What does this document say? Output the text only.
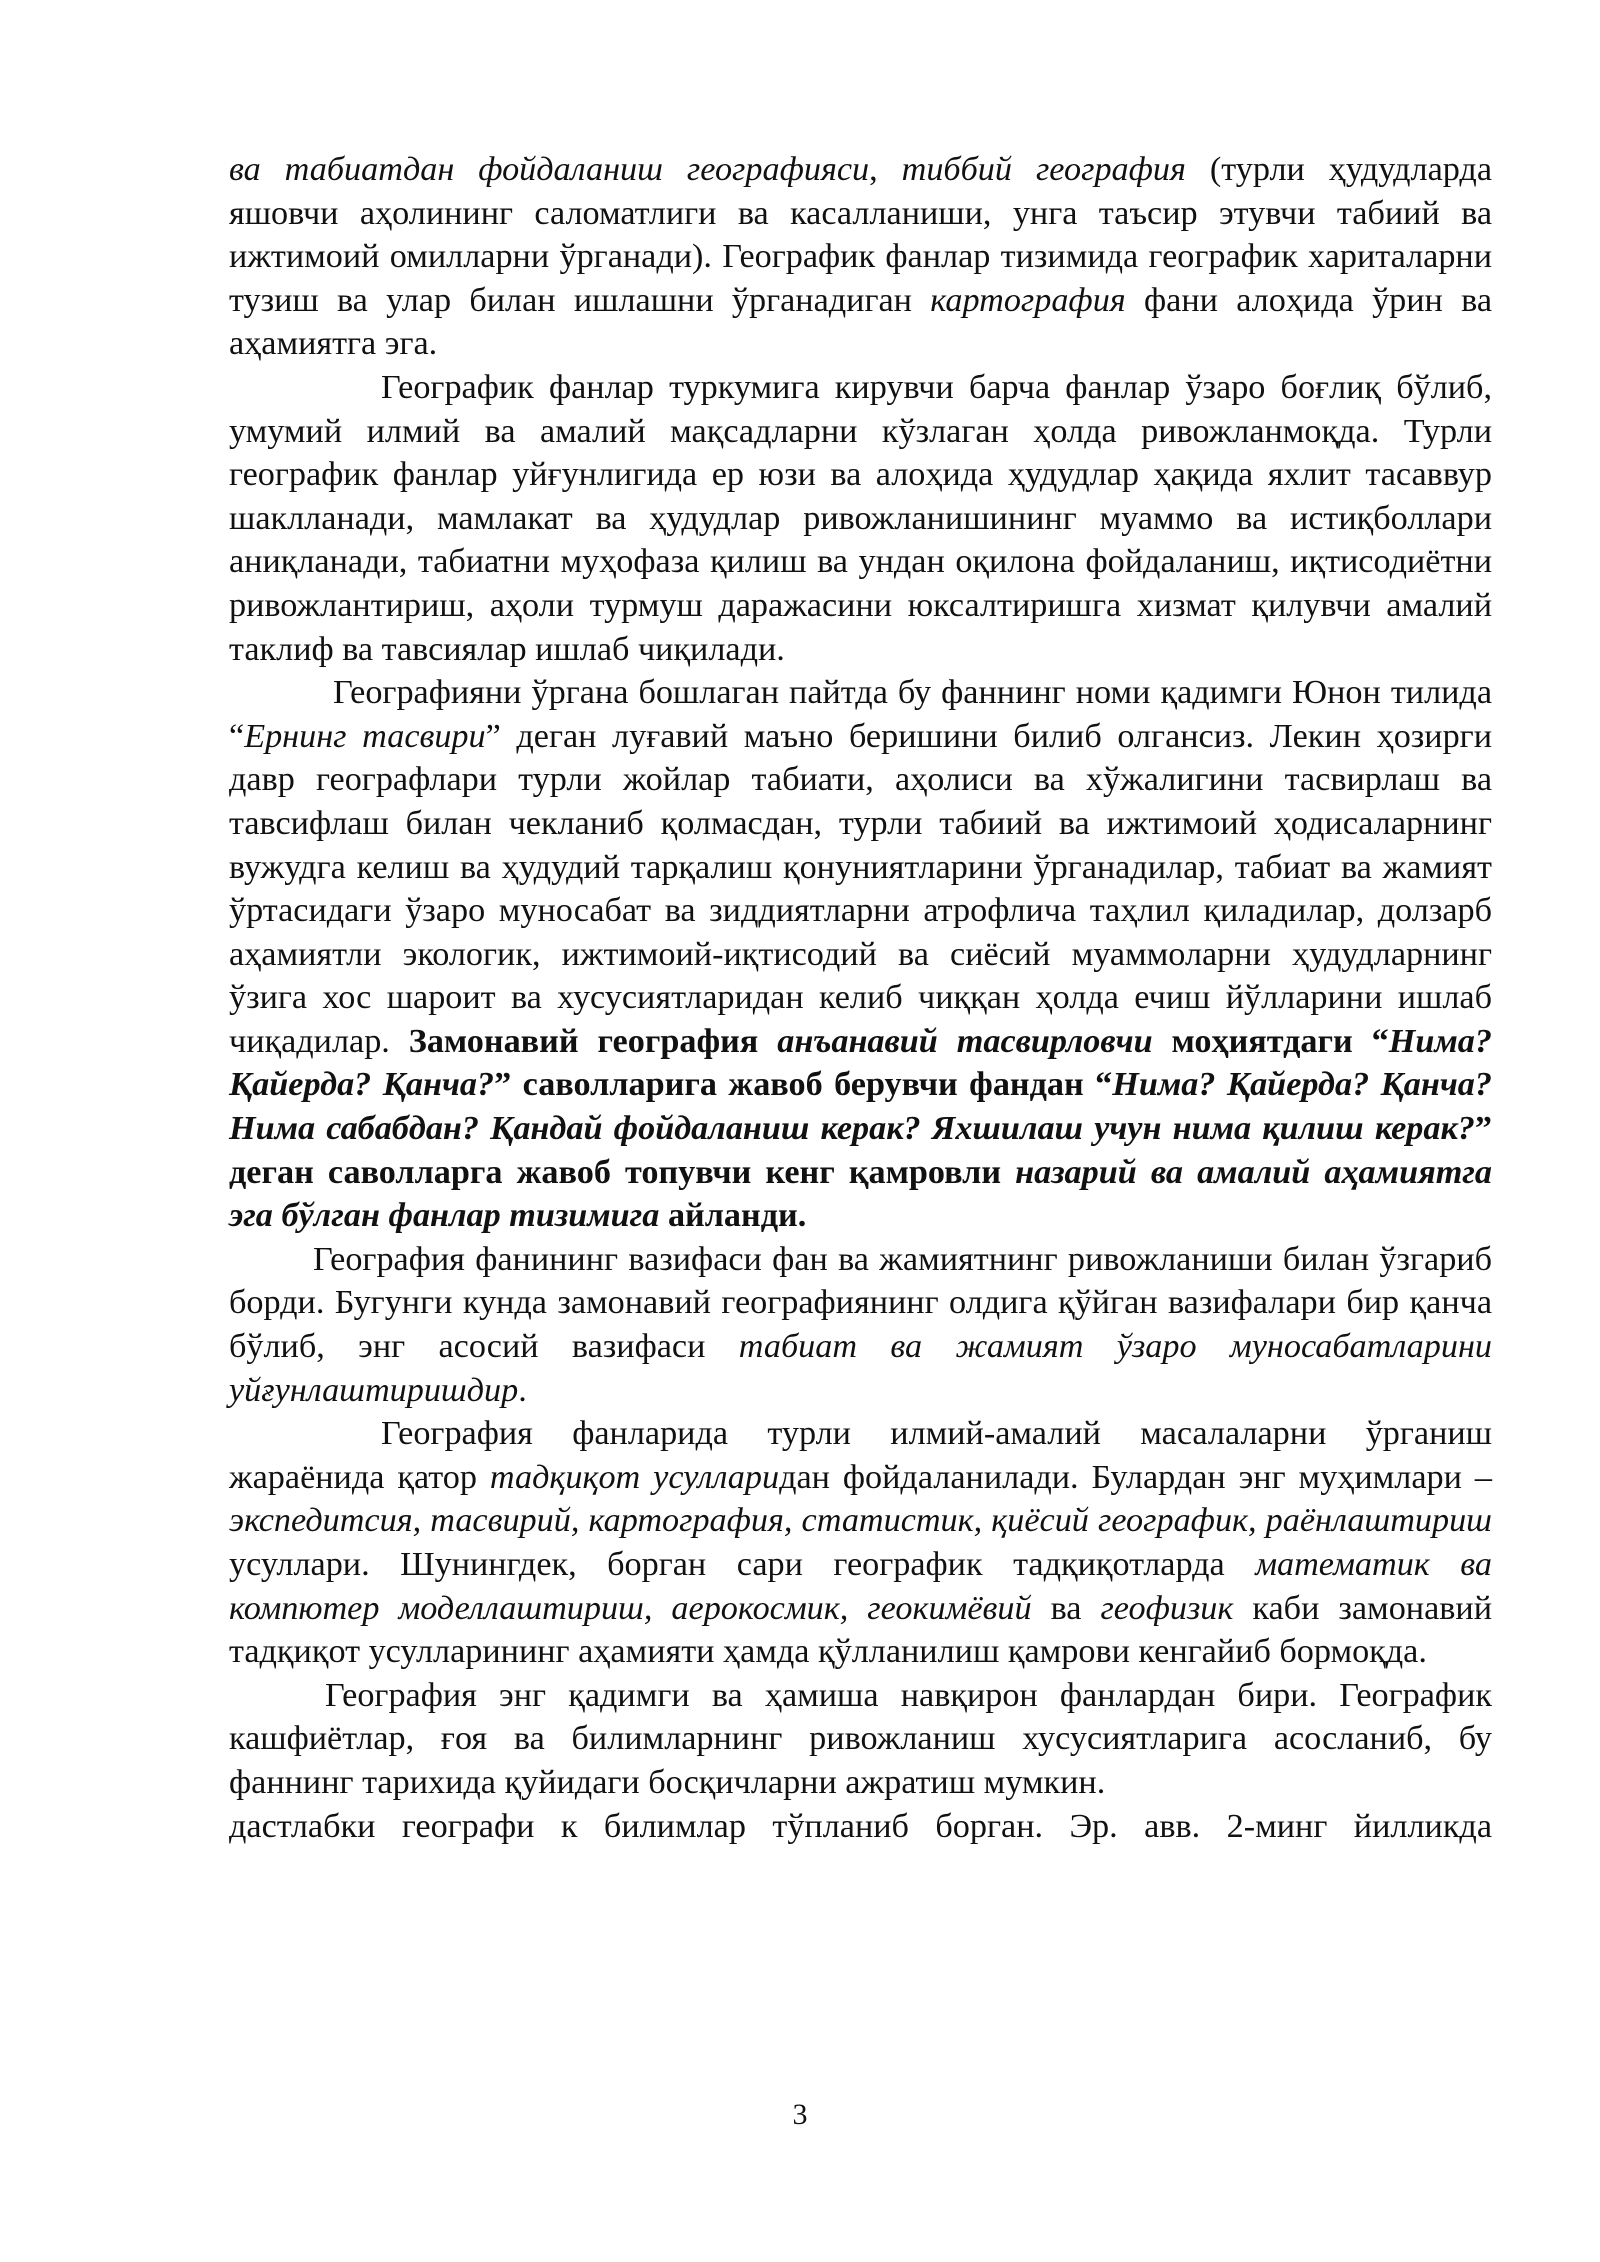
ва табиатдан фойдаланиш географияси, тиббий география (турли ҳудудларда яшовчи аҳолининг саломатлиги ва касалланиши, унга таъсир этувчи табиий ва ижтимоий омилларни ўрганади). Географик фанлар тизимида географик хариталарни тузиш ва улар билан ишлашни ўрганадиган картография фани алоҳида ўрин ва аҳамиятга эга.

Географик фанлар туркумига кирувчи барча фанлар ўзаро боғлиқ бўлиб, умумий илмий ва амалий мақсадларни кўзлаган ҳолда ривожланмоқда. Турли географик фанлар уйғунлигида ер юзи ва алоҳида ҳудудлар ҳақида яхлит тасаввур шаклланади, мамлакат ва ҳудудлар ривожланишининг муаммо ва истиқболлари аниқланади, табиатни муҳофаза қилиш ва ундан оқилона фойдаланиш, иқтисодиётни ривожлантириш, аҳоли турмуш даражасини юксалтиришга хизмат қилувчи амалий таклиф ва тавсиялар ишлаб чиқилади.

Географияни ўргана бошлаган пайтда бу фаннинг номи қадимги Юнон тилида “Ернинг тасвири” деган луғавий маъно беришини билиб олгансиз. Лекин ҳозирги давр географлари турли жойлар табиати, аҳолиси ва хўжалигини тасвирлаш ва тавсифлаш билан чекланиб қолмасдан, турли табиий ва ижтимоий ҳодисаларнинг вужудга келиш ва ҳудудий тарқалиш қонуниятларини ўрганадилар, табиат ва жамият ўртасидаги ўзаро муносабат ва зиддиятларни атрофлича таҳлил қиладилар, долзарб аҳамиятли экологик, ижтимоий-иқтисодий ва сиёсий муаммоларни ҳудудларнинг ўзига хос шароит ва хусусиятларидан келиб чиққан ҳолда ечиш йўлларини ишлаб чиқадилар. Замонавий география анъанавий тасвирловчи моҳиятдаги “Нима? Қайерда? Қанча?” саволларига жавоб берувчи фандан “Нима? Қайерда? Қанча? Нима сабабдан? Қандай фойдаланиш керак? Яхшилаш учун нима қилиш керак?” деган саволларга жавоб топувчи кенг қамровли назарий ва амалий аҳамиятга эга бўлган фанлар тизимига айланди.

География фанининг вазифаси фан ва жамиятнинг ривожланиши билан ўзгариб борди. Бугунги кунда замонавий географиянинг олдига қўйган вазифалари бир қанча бўлиб, энг асосий вазифаси табиат ва жамият ўзаро муносабатларини уйғунлаштиришдир.

География фанларида турли илмий-амалий масалаларни ўрганиш жараёнида қатор тадқиқот усулларидан фойдаланилади. Булардан энг муҳимлари – экспедитсия, тасвирий, картография, статистик, қиёсий географик, раёнлаштириш усуллари. Шунингдек, борган сари географик тадқиқотларда математик ва компютер моделлаштириш, аерокосмик, геокимёвий ва геофизик каби замонавий тадқиқот усулларининг аҳамияти ҳамда қўлланилиш қамрови кенгайиб бормоқда.

География энг қадимги ва ҳамиша навқирон фанлардан бири. Географик кашфиётлар, ғоя ва билимларнинг ривожланиш хусусиятларига асосланиб, бу фаннинг тарихида қуйидаги босқичларни ажратиш мумкин.

дастлабки географи к билимлар тўпланиб борган. Эр. авв. 2-минг йилликда

3
